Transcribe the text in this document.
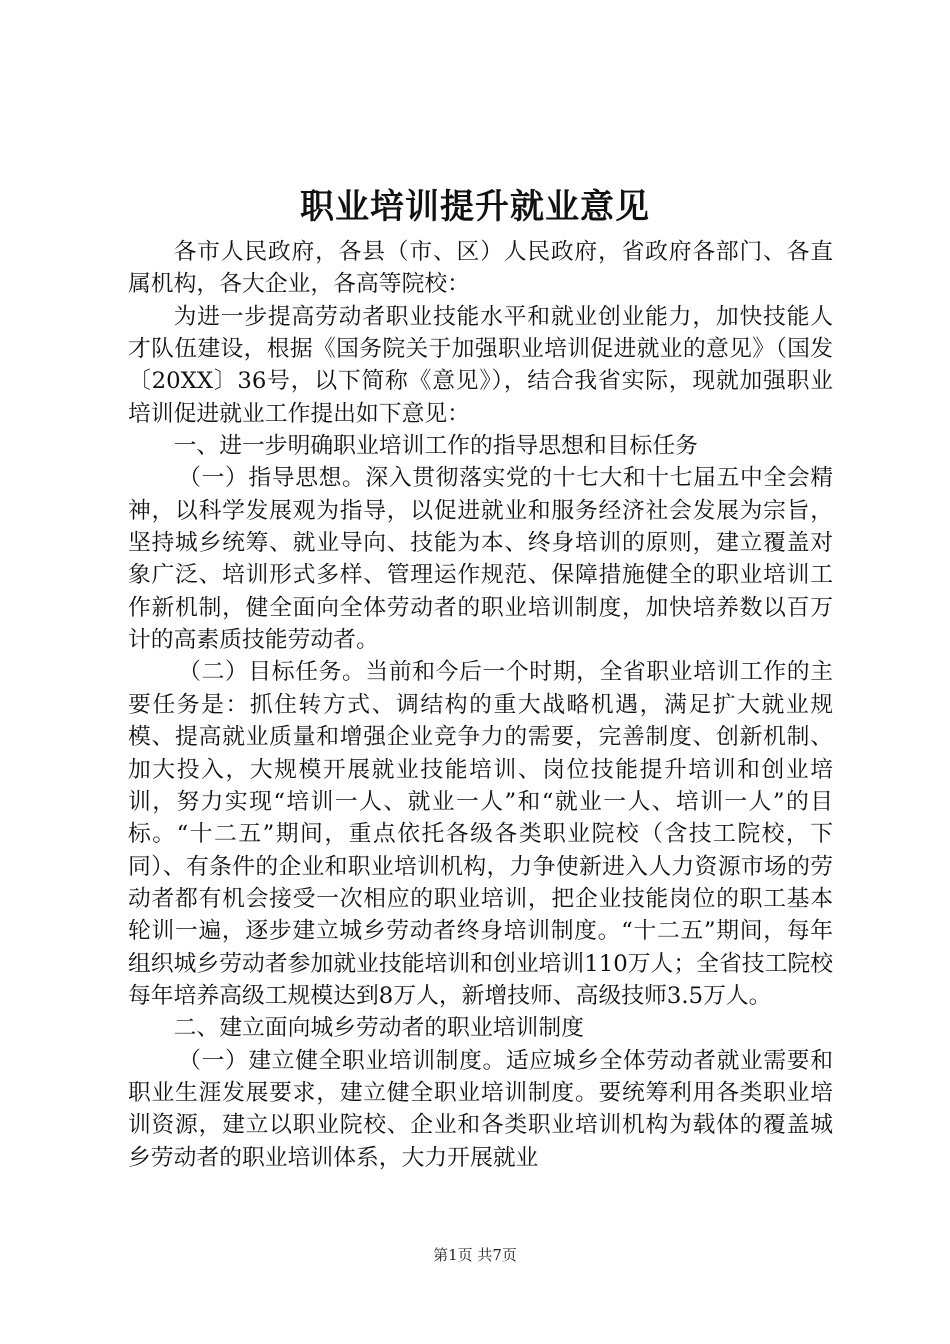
职业培训提升就业意见

各市人民政府，各县（市、区）人民政府，省政府各部门、各直属机构，各大企业，各高等院校：

为进一步提高劳动者职业技能水平和就业创业能力，加快技能人才队伍建设，根据《国务院关于加强职业培训促进就业的意见》（国发〔20XX〕36号，以下简称《意见》），结合我省实际，现就加强职业培训促进就业工作提出如下意见：

一、进一步明确职业培训工作的指导思想和目标任务

（一）指导思想。深入贯彻落实党的十七大和十七届五中全会精神，以科学发展观为指导，以促进就业和服务经济社会发展为宗旨，坚持城乡统筹、就业导向、技能为本、终身培训的原则，建立覆盖对象广泛、培训形式多样、管理运作规范、保障措施健全的职业培训工作新机制，健全面向全体劳动者的职业培训制度，加快培养数以百万计的高素质技能劳动者。

（二）目标任务。当前和今后一个时期，全省职业培训工作的主要任务是：抓住转方式、调结构的重大战略机遇，满足扩大就业规模、提高就业质量和增强企业竞争力的需要，完善制度、创新机制、加大投入，大规模开展就业技能培训、岗位技能提升培训和创业培训，努力实现“培训一人、就业一人”和“就业一人、培训一人”的目标。“十二五”期间，重点依托各级各类职业院校（含技工院校，下同）、有条件的企业和职业培训机构，力争使新进入人力资源市场的劳动者都有机会接受一次相应的职业培训，把企业技能岗位的职工基本轮训一遍，逐步建立城乡劳动者终身培训制度。“十二五”期间，每年组织城乡劳动者参加就业技能培训和创业培训110万人；全省技工院校每年培养高级工规模达到8万人，新增技师、高级技师3.5万人。

二、建立面向城乡劳动者的职业培训制度

（一）建立健全职业培训制度。适应城乡全体劳动者就业需要和职业生涯发展要求，建立健全职业培训制度。要统筹利用各类职业培训资源，建立以职业院校、企业和各类职业培训机构为载体的覆盖城乡劳动者的职业培训体系，大力开展就业

第1页 共7页
